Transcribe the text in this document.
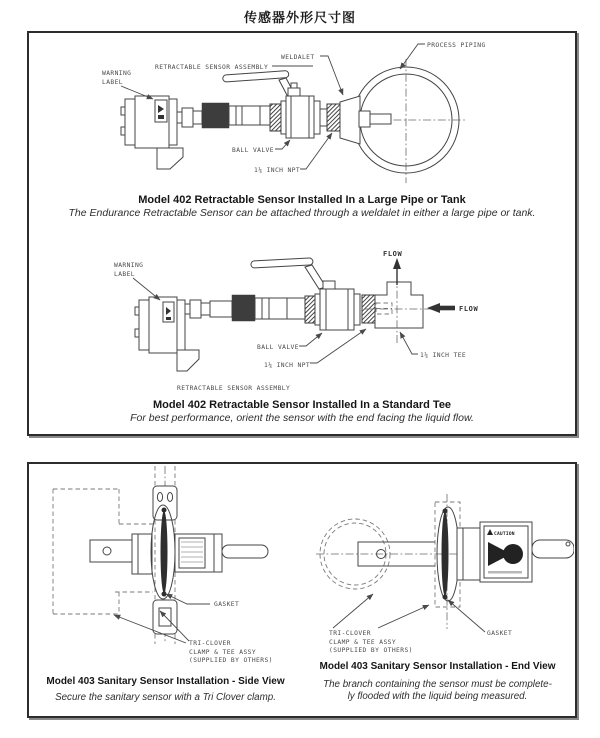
传感器外形尺寸图
WARNING
LABEL
RETRACTABLE SENSOR ASSEMBLY
WELDALET
PROCESS PIPING
BALL VALVE
1¼ INCH NPT
Model 402 Retractable Sensor Installed In a Large Pipe or Tank
The Endurance Retractable Sensor can be attached through a weldalet in either a large pipe or tank.
FLOW
FLOW
WARNING
LABEL
BALL VALVE
1¼ INCH NPT
1¼ INCH TEE
RETRACTABLE SENSOR ASSEMBLY
Model 402 Retractable Sensor Installed In a Standard Tee
For best performance, orient the sensor with the end facing the liquid flow.
GASKET
TRI-CLOVER
CLAMP & TEE ASSY
(SUPPLIED BY OTHERS)
Model 403 Sanitary Sensor Installation - Side View
Secure the sanitary sensor with a Tri Clover clamp.
CAUTION
TRI-CLOVER
CLAMP & TEE ASSY
(SUPPLIED BY OTHERS)
GASKET
Model 403 Sanitary Sensor Installation - End View
The branch containing the sensor must be complete-
ly flooded with the liquid being measured.
